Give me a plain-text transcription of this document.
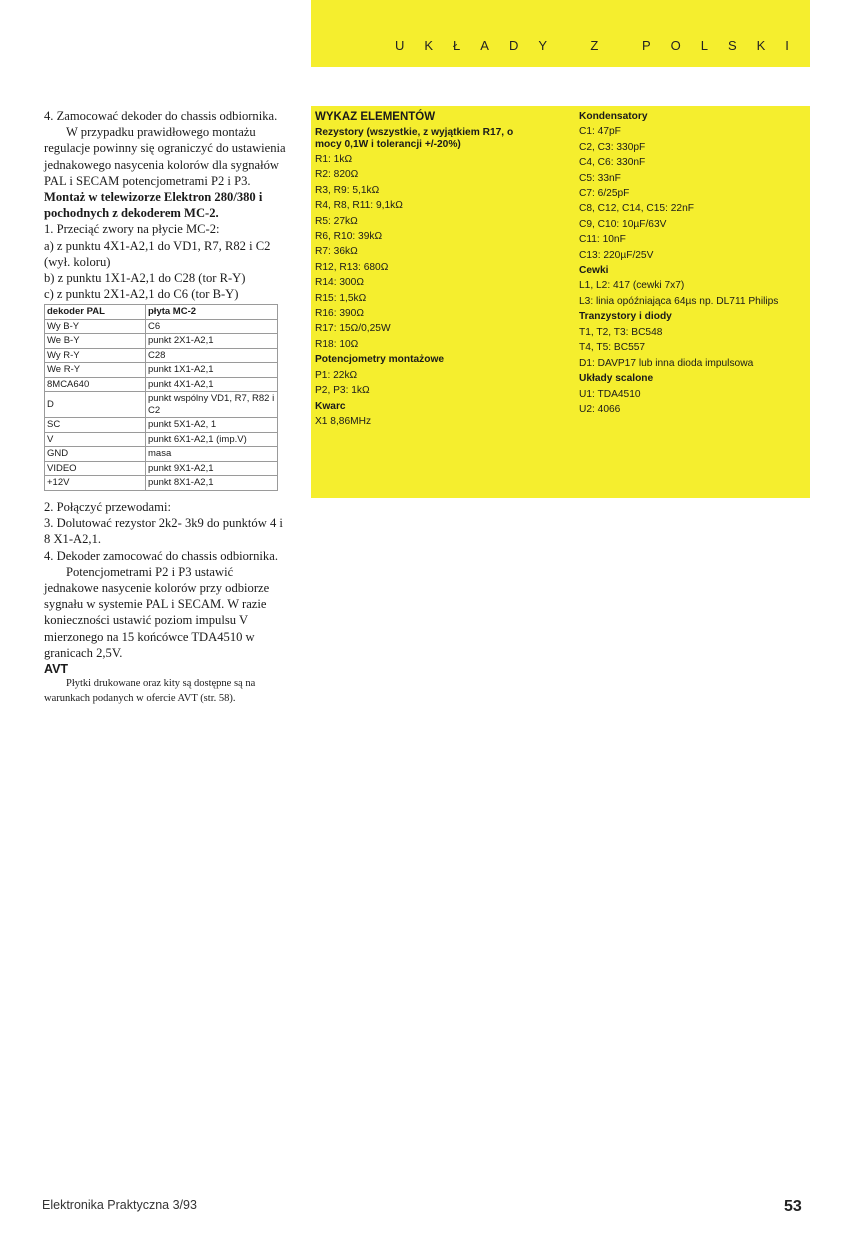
UKŁADY Z POLSKI

4. Zamocować dekoder do chassis odbiornika.

W przypadku prawidłowego montażu regulacje powinny się ograniczyć do ustawienia jednakowego nasycenia kolorów dla sygnałów PAL i SECAM potencjometrami P2 i P3.

Montaż w telewizorze Elektron 280/380 i pochodnych z dekoderem MC-2.

1. Przeciąć zwory na płycie MC-2:

a) z punktu 4X1-A2,1 do VD1, R7, R82 i C2 (wył. koloru)

b) z punktu 1X1-A2,1 do C28 (tor R-Y)

c) z punktu 2X1-A2,1 do C6 (tor B-Y)

dekoder PAL	płyta MC-2
Wy B-Y	C6
We B-Y	punkt 2X1-A2,1
Wy R-Y	C28
We R-Y	punkt 1X1-A2,1
8MCA640	punkt 4X1-A2,1
D	punkt wspólny VD1, R7, R82 i C2
SC	punkt 5X1-A2, 1
V	punkt 6X1-A2,1 (imp.V)
GND	masa
VIDEO	punkt 9X1-A2,1
+12V	punkt 8X1-A2,1

2. Połączyć przewodami:

3. Dolutować rezystor 2k2- 3k9 do punktów 4 i 8 X1-A2,1.

4. Dekoder zamocować do chassis odbiornika.

Potencjometrami P2 i P3 ustawić jednakowe nasycenie kolorów przy odbiorze sygnału w systemie PAL i SECAM. W razie konieczności ustawić poziom impulsu V mierzonego na 15 końcówce TDA4510 w granicach 2,5V.

AVT

Płytki drukowane oraz kity są dostępne są na warunkach podanych w ofercie AVT (str. 58).

WYKAZ ELEMENTÓW
Rezystory (wszystkie, z wyjątkiem R17, o mocy 0,1W i tolerancji +/-20%)
R1: 1kΩ
R2: 820Ω
R3, R9: 5,1kΩ
R4, R8, R11: 9,1kΩ
R5: 27kΩ
R6, R10: 39kΩ
R7: 36kΩ
R12, R13: 680Ω
R14: 300Ω
R15: 1,5kΩ
R16: 390Ω
R17: 15Ω/0,25W
R18: 10Ω
Potencjometry montażowe
P1: 22kΩ
P2, P3: 1kΩ
Kwarc
X1 8,86MHz
Kondensatory
C1: 47pF
C2, C3: 330pF
C4, C6: 330nF
C5: 33nF
C7: 6/25pF
C8, C12, C14, C15: 22nF
C9, C10: 10µF/63V
C11: 10nF
C13: 220µF/25V
Cewki
L1, L2: 417 (cewki 7x7)
L3: linia opóźniająca 64µs np. DL711 Philips
Tranzystory i diody
T1, T2, T3: BC548
T4, T5: BC557
D1: DAVP17 lub inna dioda impulsowa
Układy scalone
U1: TDA4510
U2: 4066
Elektronika Praktyczna 3/93	53
